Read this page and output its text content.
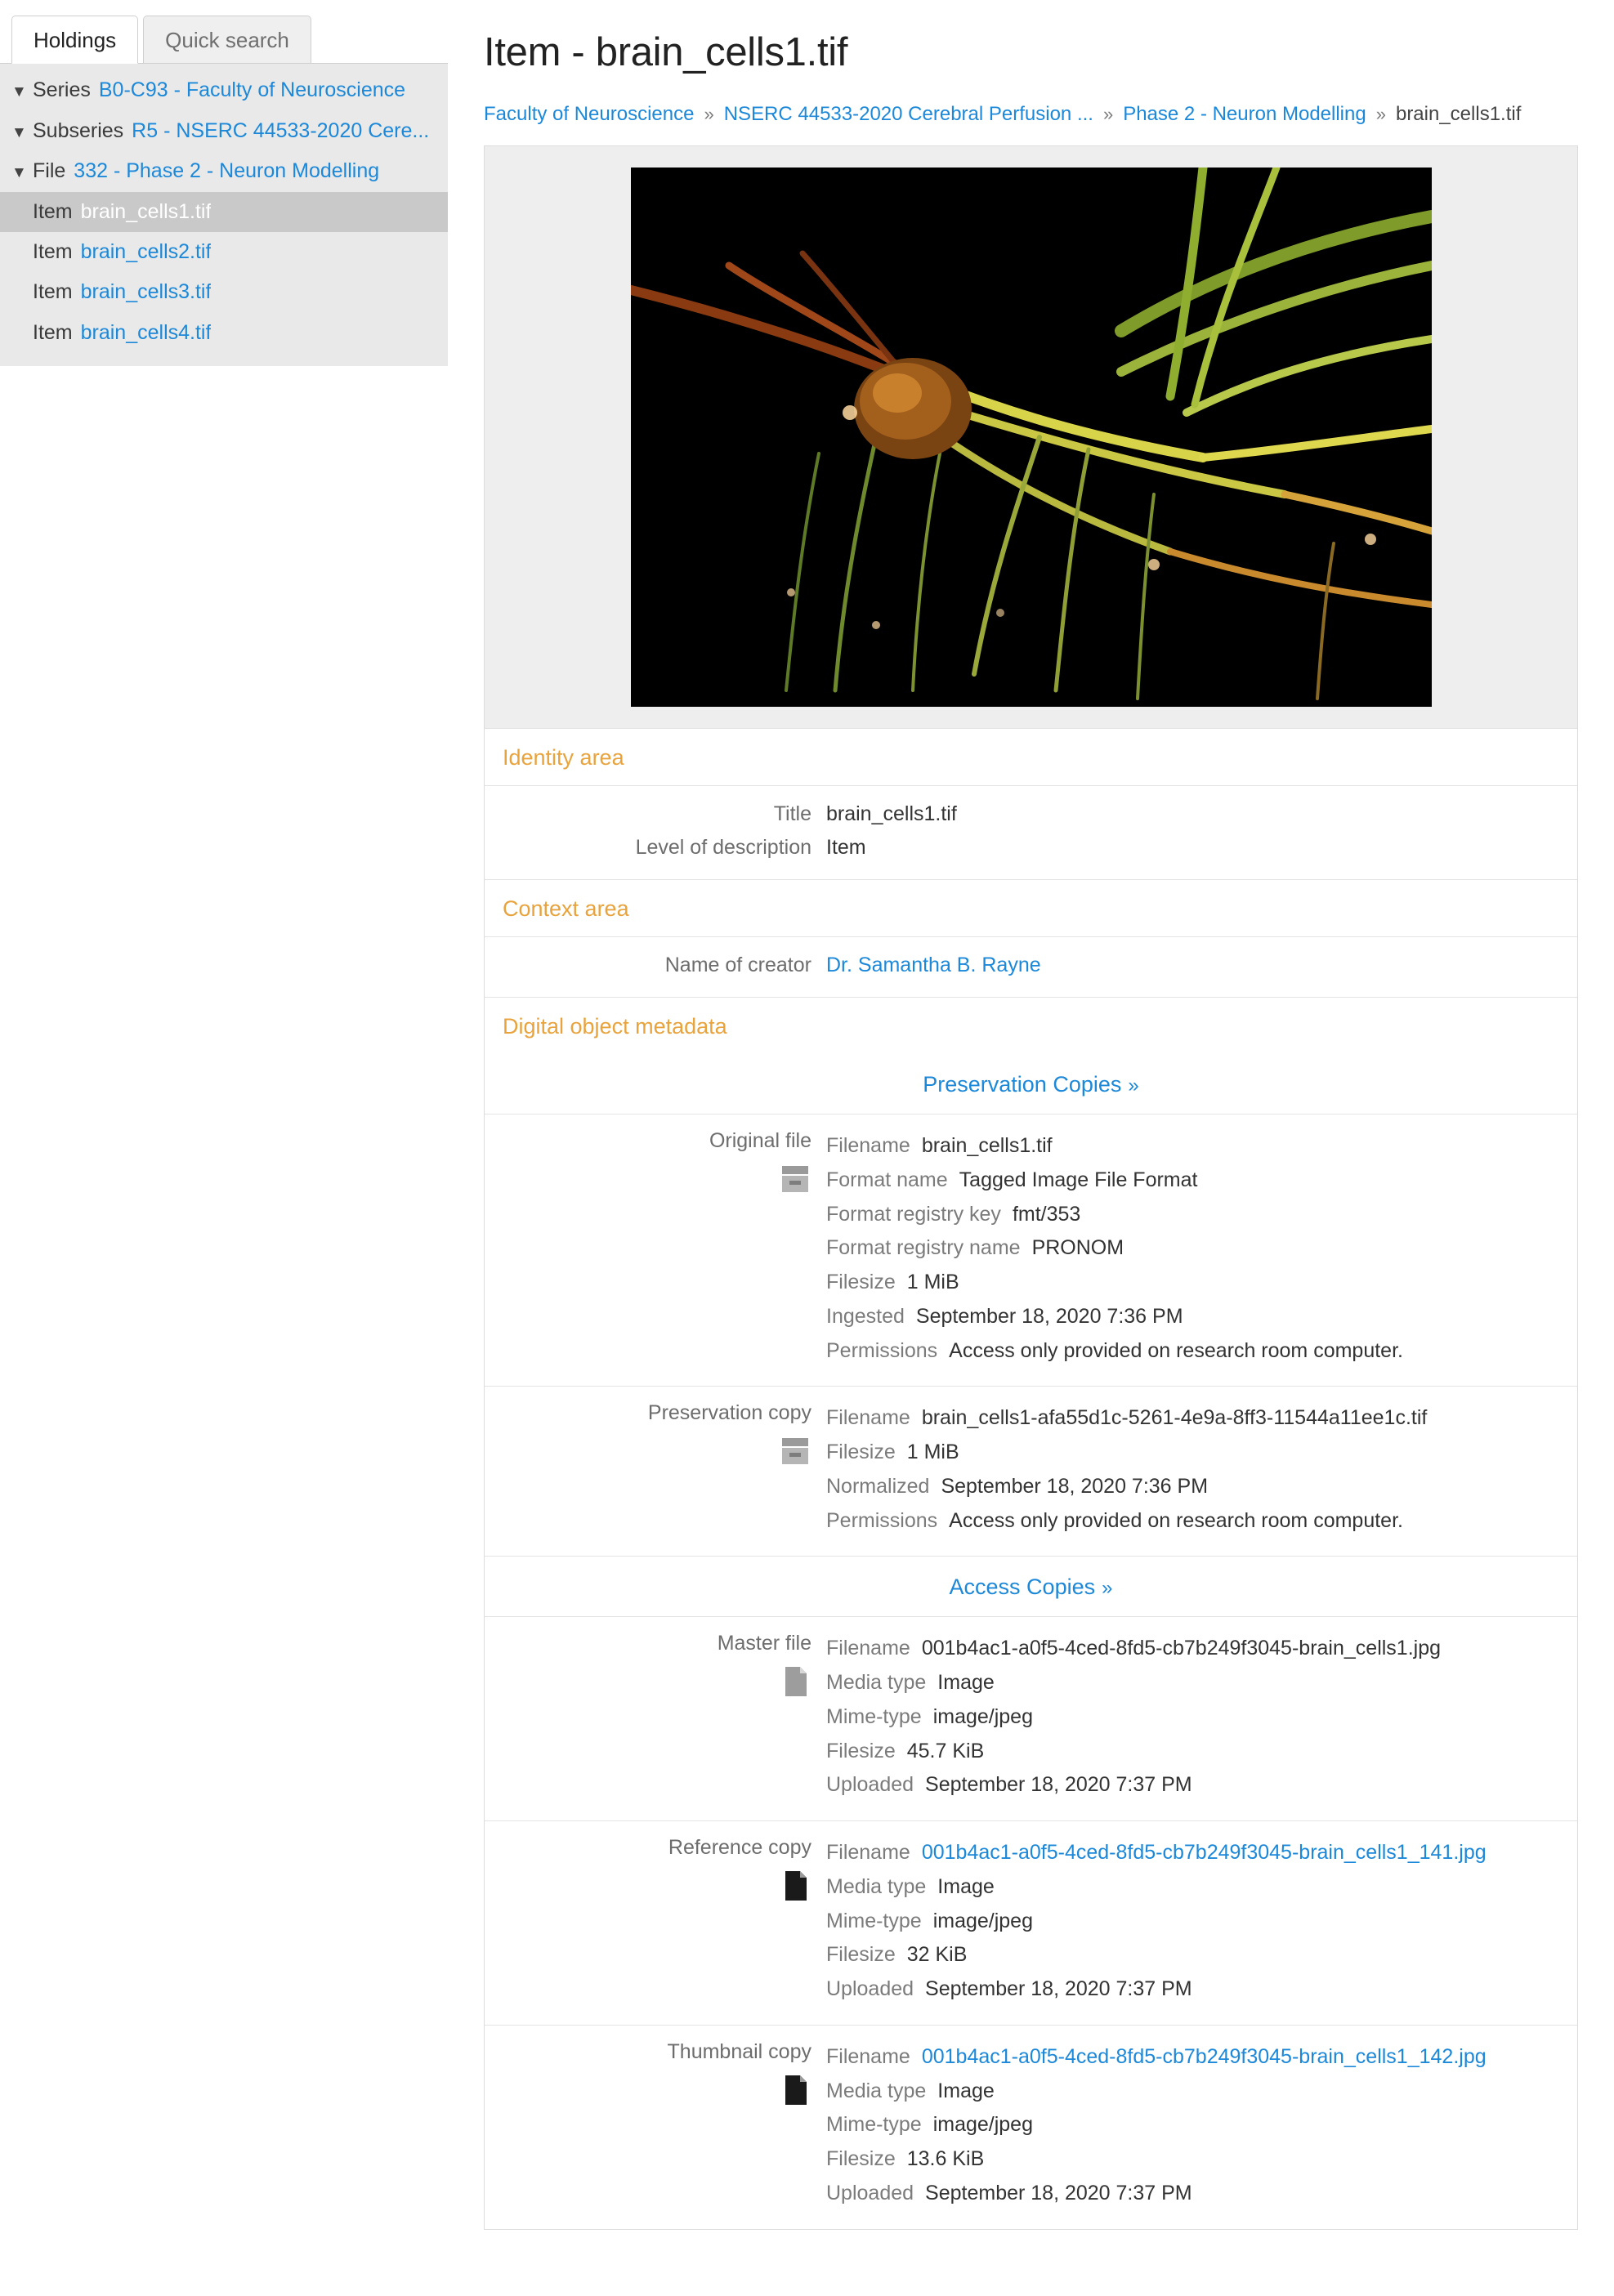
Holdings	Quick search
▼ Series B0-C93 - Faculty of Neuroscience
▼ Subseries R5 - NSERC 44533-2020 Cere...
▼ File 332 - Phase 2 - Neuron Modelling
Item brain_cells1.tif
Item brain_cells2.tif
Item brain_cells3.tif
Item brain_cells4.tif
Item - brain_cells1.tif
Faculty of Neuroscience » NSERC 44533-2020 Cerebral Perfusion ... » Phase 2 - Neuron Modelling » brain_cells1.tif
Identity area
Title brain_cells1.tif
Level of description Item
Context area
Name of creator Dr. Samantha B. Rayne
Digital object metadata
Preservation Copies »
Original file Filename brain_cells1.tif
Format name Tagged Image File Format
Format registry key fmt/353
Format registry name PRONOM
Filesize 1 MiB
Ingested September 18, 2020 7:36 PM
Permissions Access only provided on research room computer.
Preservation copy Filename brain_cells1-afa55d1c-5261-4e9a-8ff3-11544a11ee1c.tif
Filesize 1 MiB
Normalized September 18, 2020 7:36 PM
Permissions Access only provided on research room computer.
Access Copies »
Master file Filename 001b4ac1-a0f5-4ced-8fd5-cb7b249f3045-brain_cells1.jpg
Media type Image
Mime-type image/jpeg
Filesize 45.7 KiB
Uploaded September 18, 2020 7:37 PM
Reference copy Filename 001b4ac1-a0f5-4ced-8fd5-cb7b249f3045-brain_cells1_141.jpg
Media type Image
Mime-type image/jpeg
Filesize 32 KiB
Uploaded September 18, 2020 7:37 PM
Thumbnail copy Filename 001b4ac1-a0f5-4ced-8fd5-cb7b249f3045-brain_cells1_142.jpg
Media type Image
Mime-type image/jpeg
Filesize 13.6 KiB
Uploaded September 18, 2020 7:37 PM
